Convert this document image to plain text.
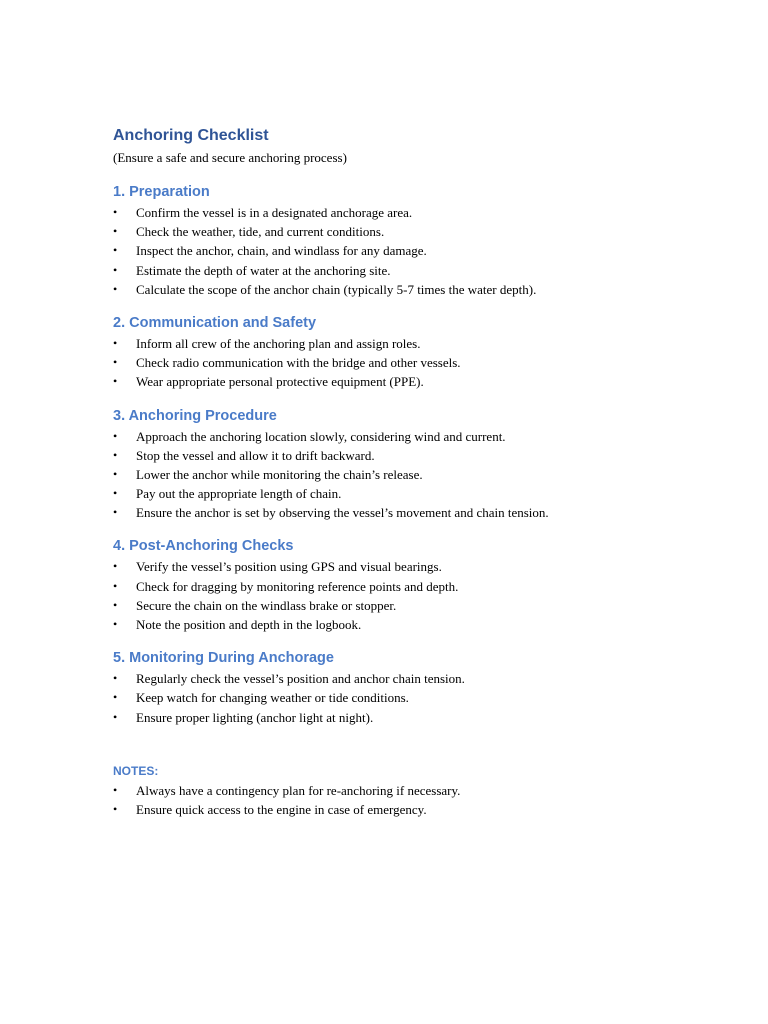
Anchoring Checklist

(Ensure a safe and secure anchoring process)

1. Preparation
• Confirm the vessel is in a designated anchorage area.
• Check the weather, tide, and current conditions.
• Inspect the anchor, chain, and windlass for any damage.
• Estimate the depth of water at the anchoring site.
• Calculate the scope of the anchor chain (typically 5-7 times the water depth).
2. Communication and Safety
• Inform all crew of the anchoring plan and assign roles.
• Check radio communication with the bridge and other vessels.
• Wear appropriate personal protective equipment (PPE).
3. Anchoring Procedure
• Approach the anchoring location slowly, considering wind and current.
• Stop the vessel and allow it to drift backward.
• Lower the anchor while monitoring the chain’s release.
• Pay out the appropriate length of chain.
• Ensure the anchor is set by observing the vessel’s movement and chain tension.
4. Post-Anchoring Checks
• Verify the vessel’s position using GPS and visual bearings.
• Check for dragging by monitoring reference points and depth.
• Secure the chain on the windlass brake or stopper.
• Note the position and depth in the logbook.
5. Monitoring During Anchorage
• Regularly check the vessel’s position and anchor chain tension.
• Keep watch for changing weather or tide conditions.
• Ensure proper lighting (anchor light at night).
NOTES:
• Always have a contingency plan for re-anchoring if necessary.
• Ensure quick access to the engine in case of emergency.
